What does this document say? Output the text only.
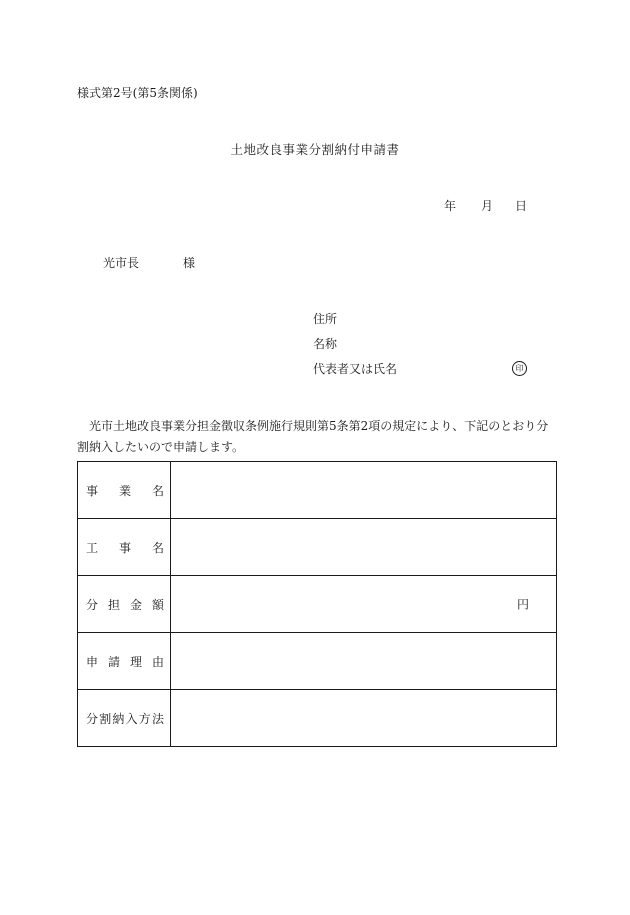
様式第2号(第5条関係)
土地改良事業分割納付申請書
年 月 日
光市長	様
住所
名称
代表者又は氏名	印
光市土地改良事業分担金徴収条例施行規則第5条第2項の規定により、下記のとおり分割納入したいので申請します。
事業名	

工事名	

分担金額	円

申請理由	

分割納入方法	
